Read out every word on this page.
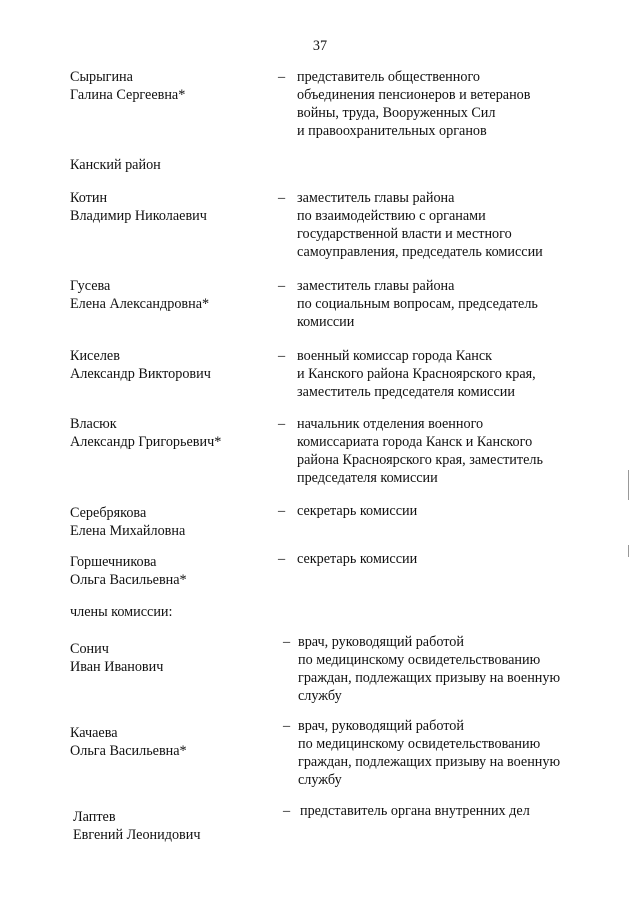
37
Сырыгина
Галина Сергеевна*
– представитель общественного
объединения пенсионеров и ветеранов
войны, труда, Вооруженных Сил
и правоохранительных органов
Канский район
Котин
Владимир Николаевич
– заместитель главы района
по взаимодействию с органами
государственной власти и местного
самоуправления, председатель комиссии
Гусева
Елена Александровна*
– заместитель главы района
по социальным вопросам, председатель
комиссии
Киселев
Александр Викторович
– военный комиссар города Канск
и Канского района Красноярского края,
заместитель председателя комиссии
Власюк
Александр Григорьевич*
– начальник отделения военного
комиссариата города Канск и Канского
района Красноярского края, заместитель
председателя комиссии
Серебрякова
Елена Михайловна
– секретарь комиссии
Горшечникова
Ольга Васильевна*
– секретарь комиссии
члены комиссии:
Сонич
Иван Иванович
– врач, руководящий работой
по медицинскому освидетельствованию
граждан, подлежащих призыву на военную
службу
Качаева
Ольга Васильевна*
– врач, руководящий работой
по медицинскому освидетельствованию
граждан, подлежащих призыву на военную
службу
Лаптев
Евгений Леонидович
– представитель органа внутренних дел
